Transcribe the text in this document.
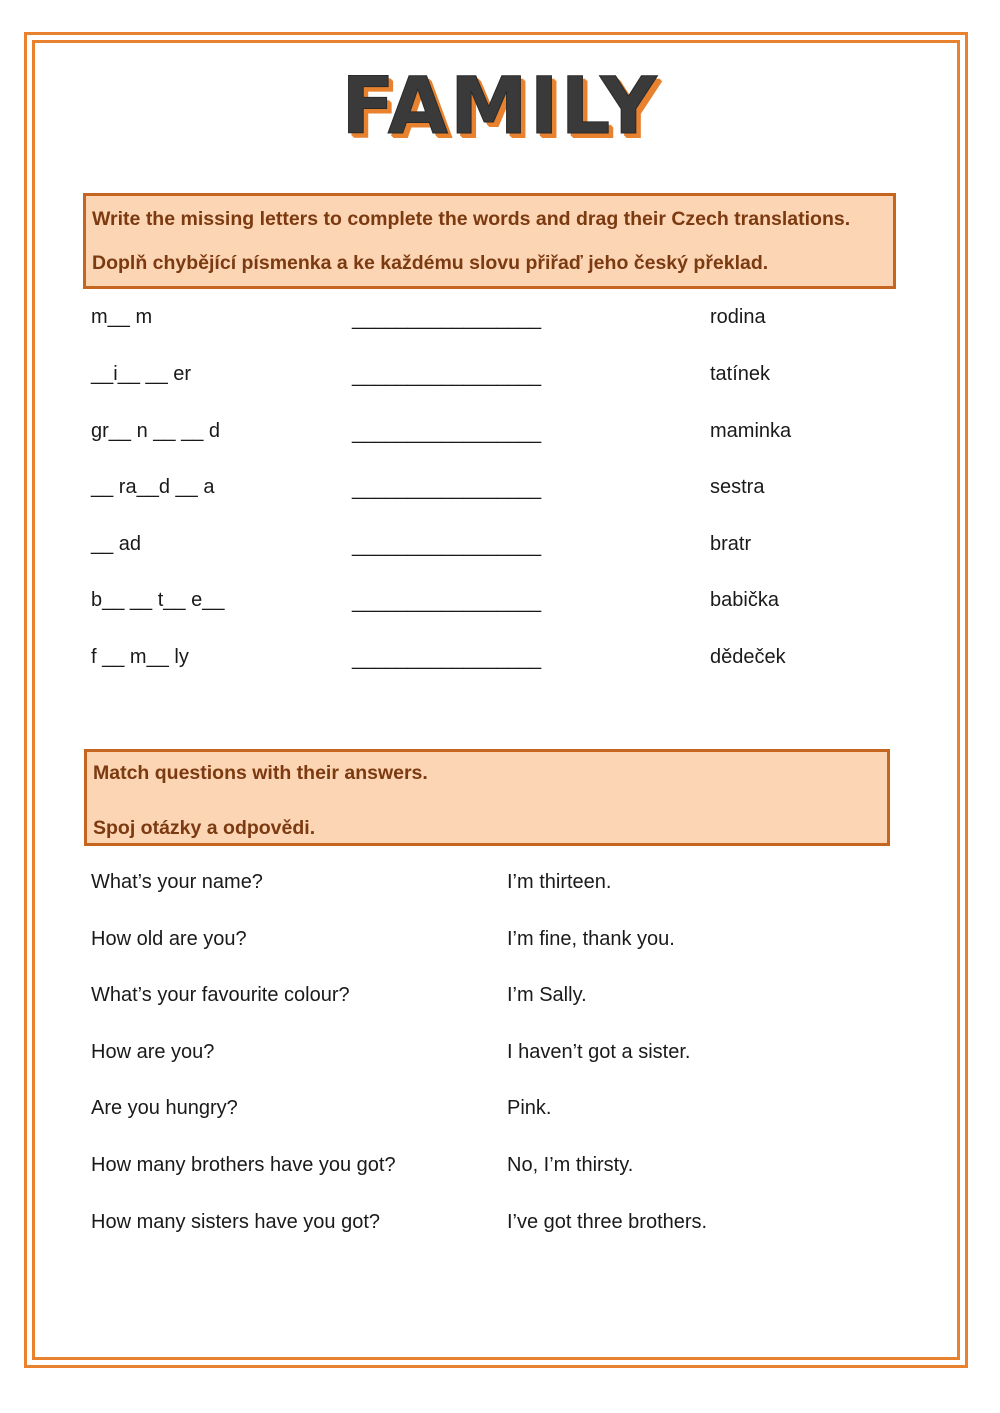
FAMILY
Write the missing letters to complete the words and drag their Czech translations.
Doplň chybějící písmenka a ke každému slovu přiřaď jeho český překlad.
m__ m	_________________	rodina
__i__ __ er	_________________	tatínek
gr__ n __ __ d	_________________	maminka
__ ra__d __ a	_________________	sestra
__ ad	_________________	bratr
b__ __ t__ e__	_________________	babička
f __ m__ ly	_________________	dědeček
Match questions with their answers.
Spoj otázky a odpovědi.
What’s your name?	I’m thirteen.
How old are you?	I’m fine, thank you.
What’s your favourite colour?	I’m Sally.
How are you?	I haven’t got a sister.
Are you hungry?	Pink.
How many brothers have you got?	No, I’m thirsty.
How many sisters have you got?	I’ve got three brothers.
